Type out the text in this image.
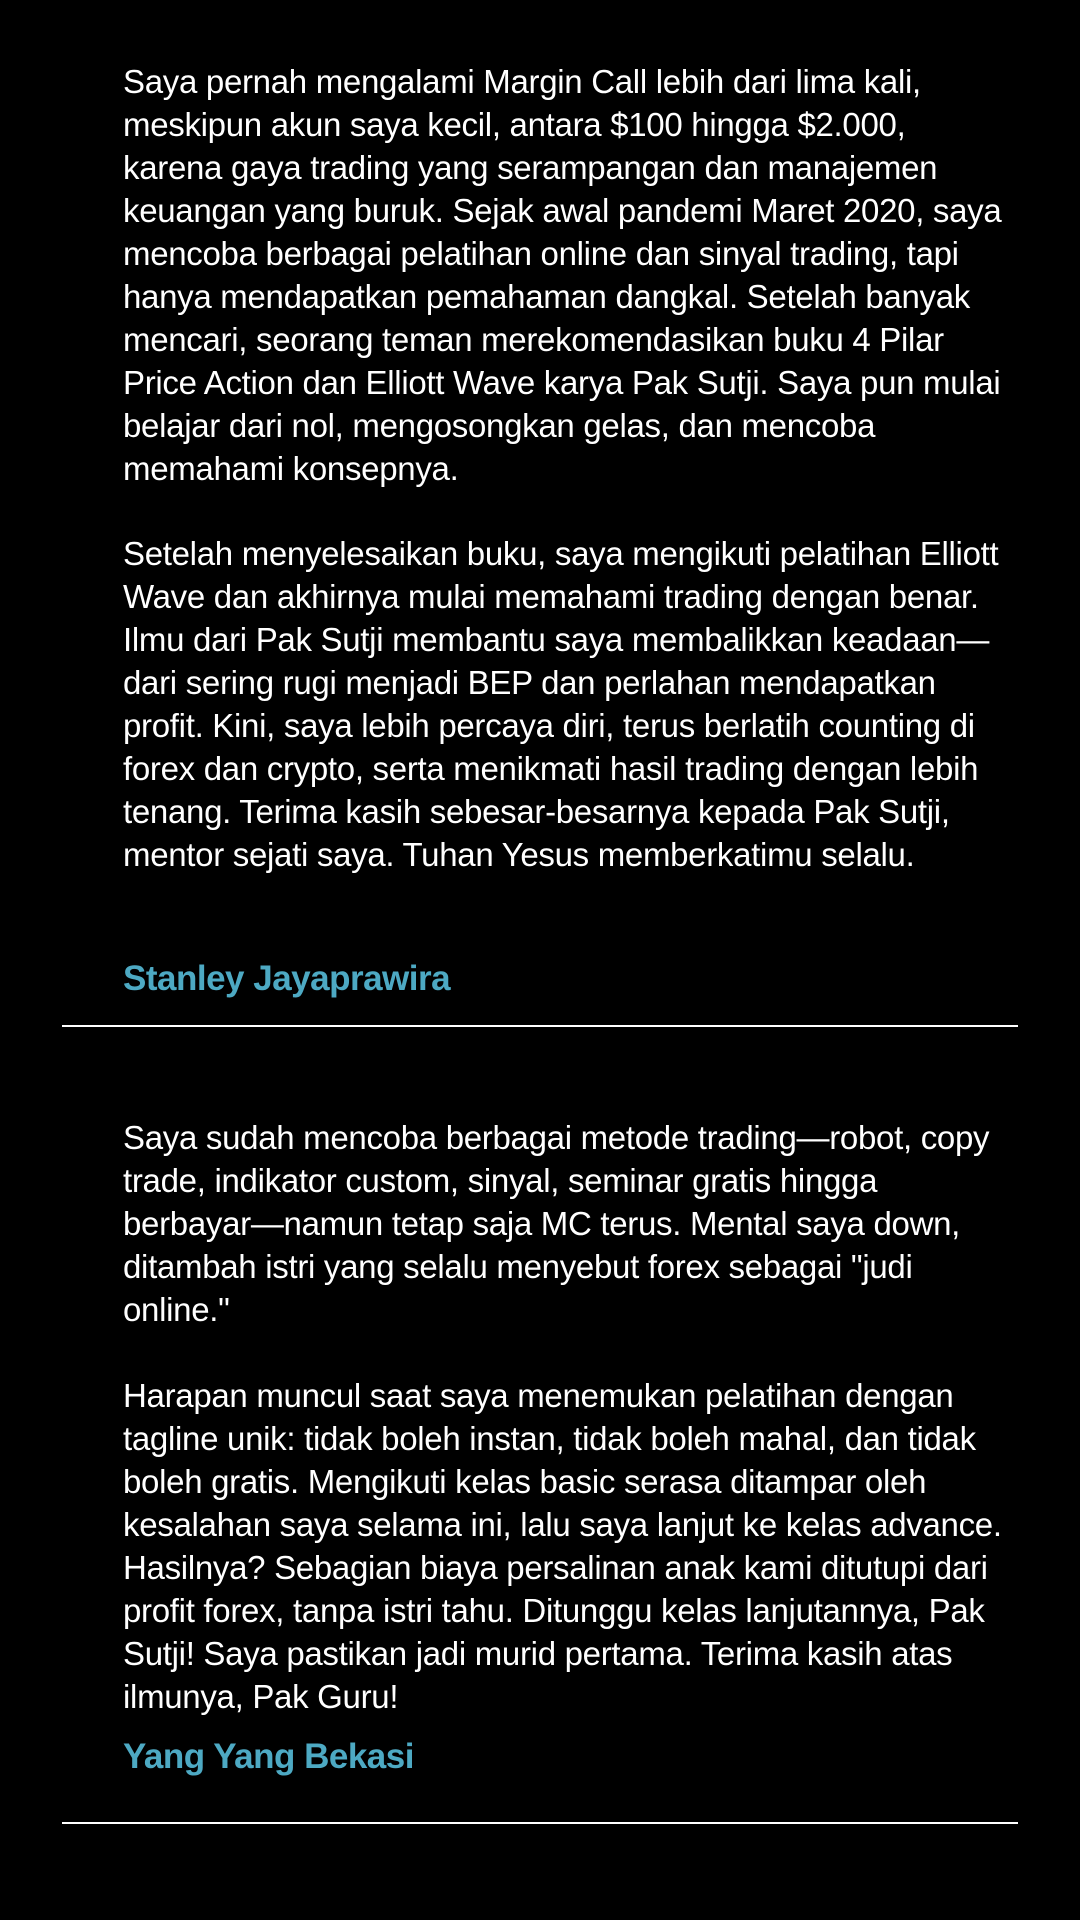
Saya pernah mengalami Margin Call lebih dari lima kali, meskipun akun saya kecil, antara $100 hingga $2.000, karena gaya trading yang serampangan dan manajemen keuangan yang buruk. Sejak awal pandemi Maret 2020, saya mencoba berbagai pelatihan online dan sinyal trading, tapi hanya mendapatkan pemahaman dangkal. Setelah banyak mencari, seorang teman merekomendasikan buku 4 Pilar Price Action dan Elliott Wave karya Pak Sutji. Saya pun mulai belajar dari nol, mengosongkan gelas, dan mencoba memahami konsepnya.

Setelah menyelesaikan buku, saya mengikuti pelatihan Elliott Wave dan akhirnya mulai memahami trading dengan benar. Ilmu dari Pak Sutji membantu saya membalikkan keadaan—dari sering rugi menjadi BEP dan perlahan mendapatkan profit. Kini, saya lebih percaya diri, terus berlatih counting di forex dan crypto, serta menikmati hasil trading dengan lebih tenang. Terima kasih sebesar-besarnya kepada Pak Sutji, mentor sejati saya. Tuhan Yesus memberkatimu selalu.

Stanley Jayaprawira

Saya sudah mencoba berbagai metode trading—robot, copy trade, indikator custom, sinyal, seminar gratis hingga berbayar—namun tetap saja MC terus. Mental saya down, ditambah istri yang selalu menyebut forex sebagai "judi online."

Harapan muncul saat saya menemukan pelatihan dengan tagline unik: tidak boleh instan, tidak boleh mahal, dan tidak boleh gratis. Mengikuti kelas basic serasa ditampar oleh kesalahan saya selama ini, lalu saya lanjut ke kelas advance. Hasilnya? Sebagian biaya persalinan anak kami ditutupi dari profit forex, tanpa istri tahu. Ditunggu kelas lanjutannya, Pak Sutji! Saya pastikan jadi murid pertama. Terima kasih atas ilmunya, Pak Guru!

Yang Yang Bekasi
